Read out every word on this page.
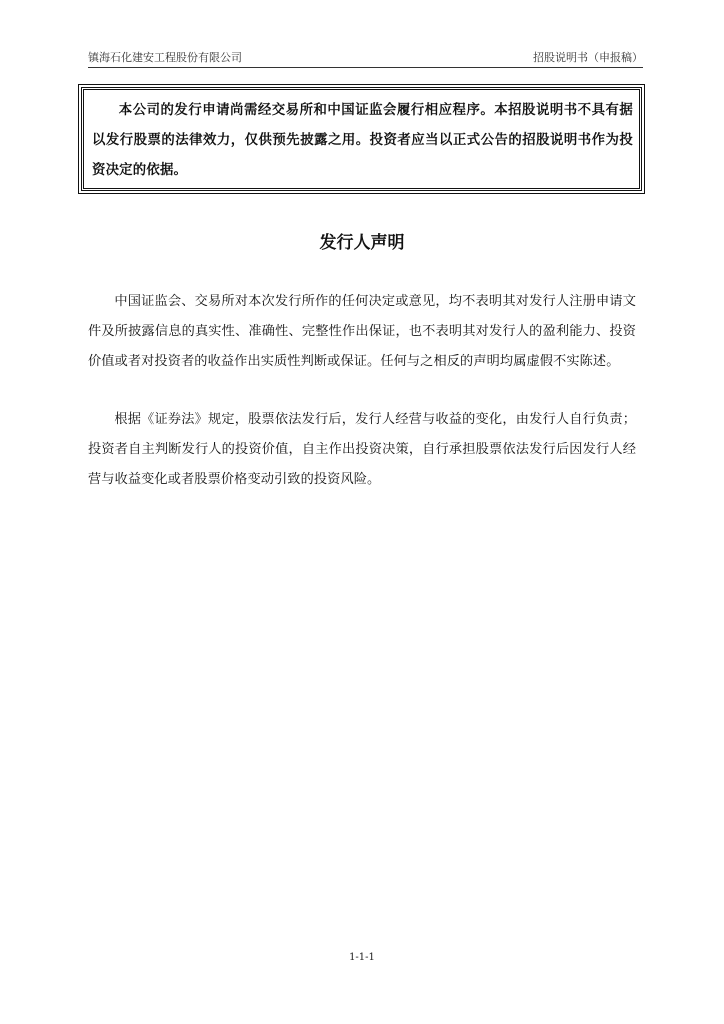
镇海石化建安工程股份有限公司	招股说明书（申报稿）

本公司的发行申请尚需经交易所和中国证监会履行相应程序。本招股说明书不具有据以发行股票的法律效力，仅供预先披露之用。投资者应当以正式公告的招股说明书作为投资决定的依据。

发行人声明

中国证监会、交易所对本次发行所作的任何决定或意见，均不表明其对发行人注册申请文件及所披露信息的真实性、准确性、完整性作出保证，也不表明其对发行人的盈利能力、投资价值或者对投资者的收益作出实质性判断或保证。任何与之相反的声明均属虚假不实陈述。

根据《证券法》规定，股票依法发行后，发行人经营与收益的变化，由发行人自行负责；投资者自主判断发行人的投资价值，自主作出投资决策，自行承担股票依法发行后因发行人经营与收益变化或者股票价格变动引致的投资风险。

1-1-1
